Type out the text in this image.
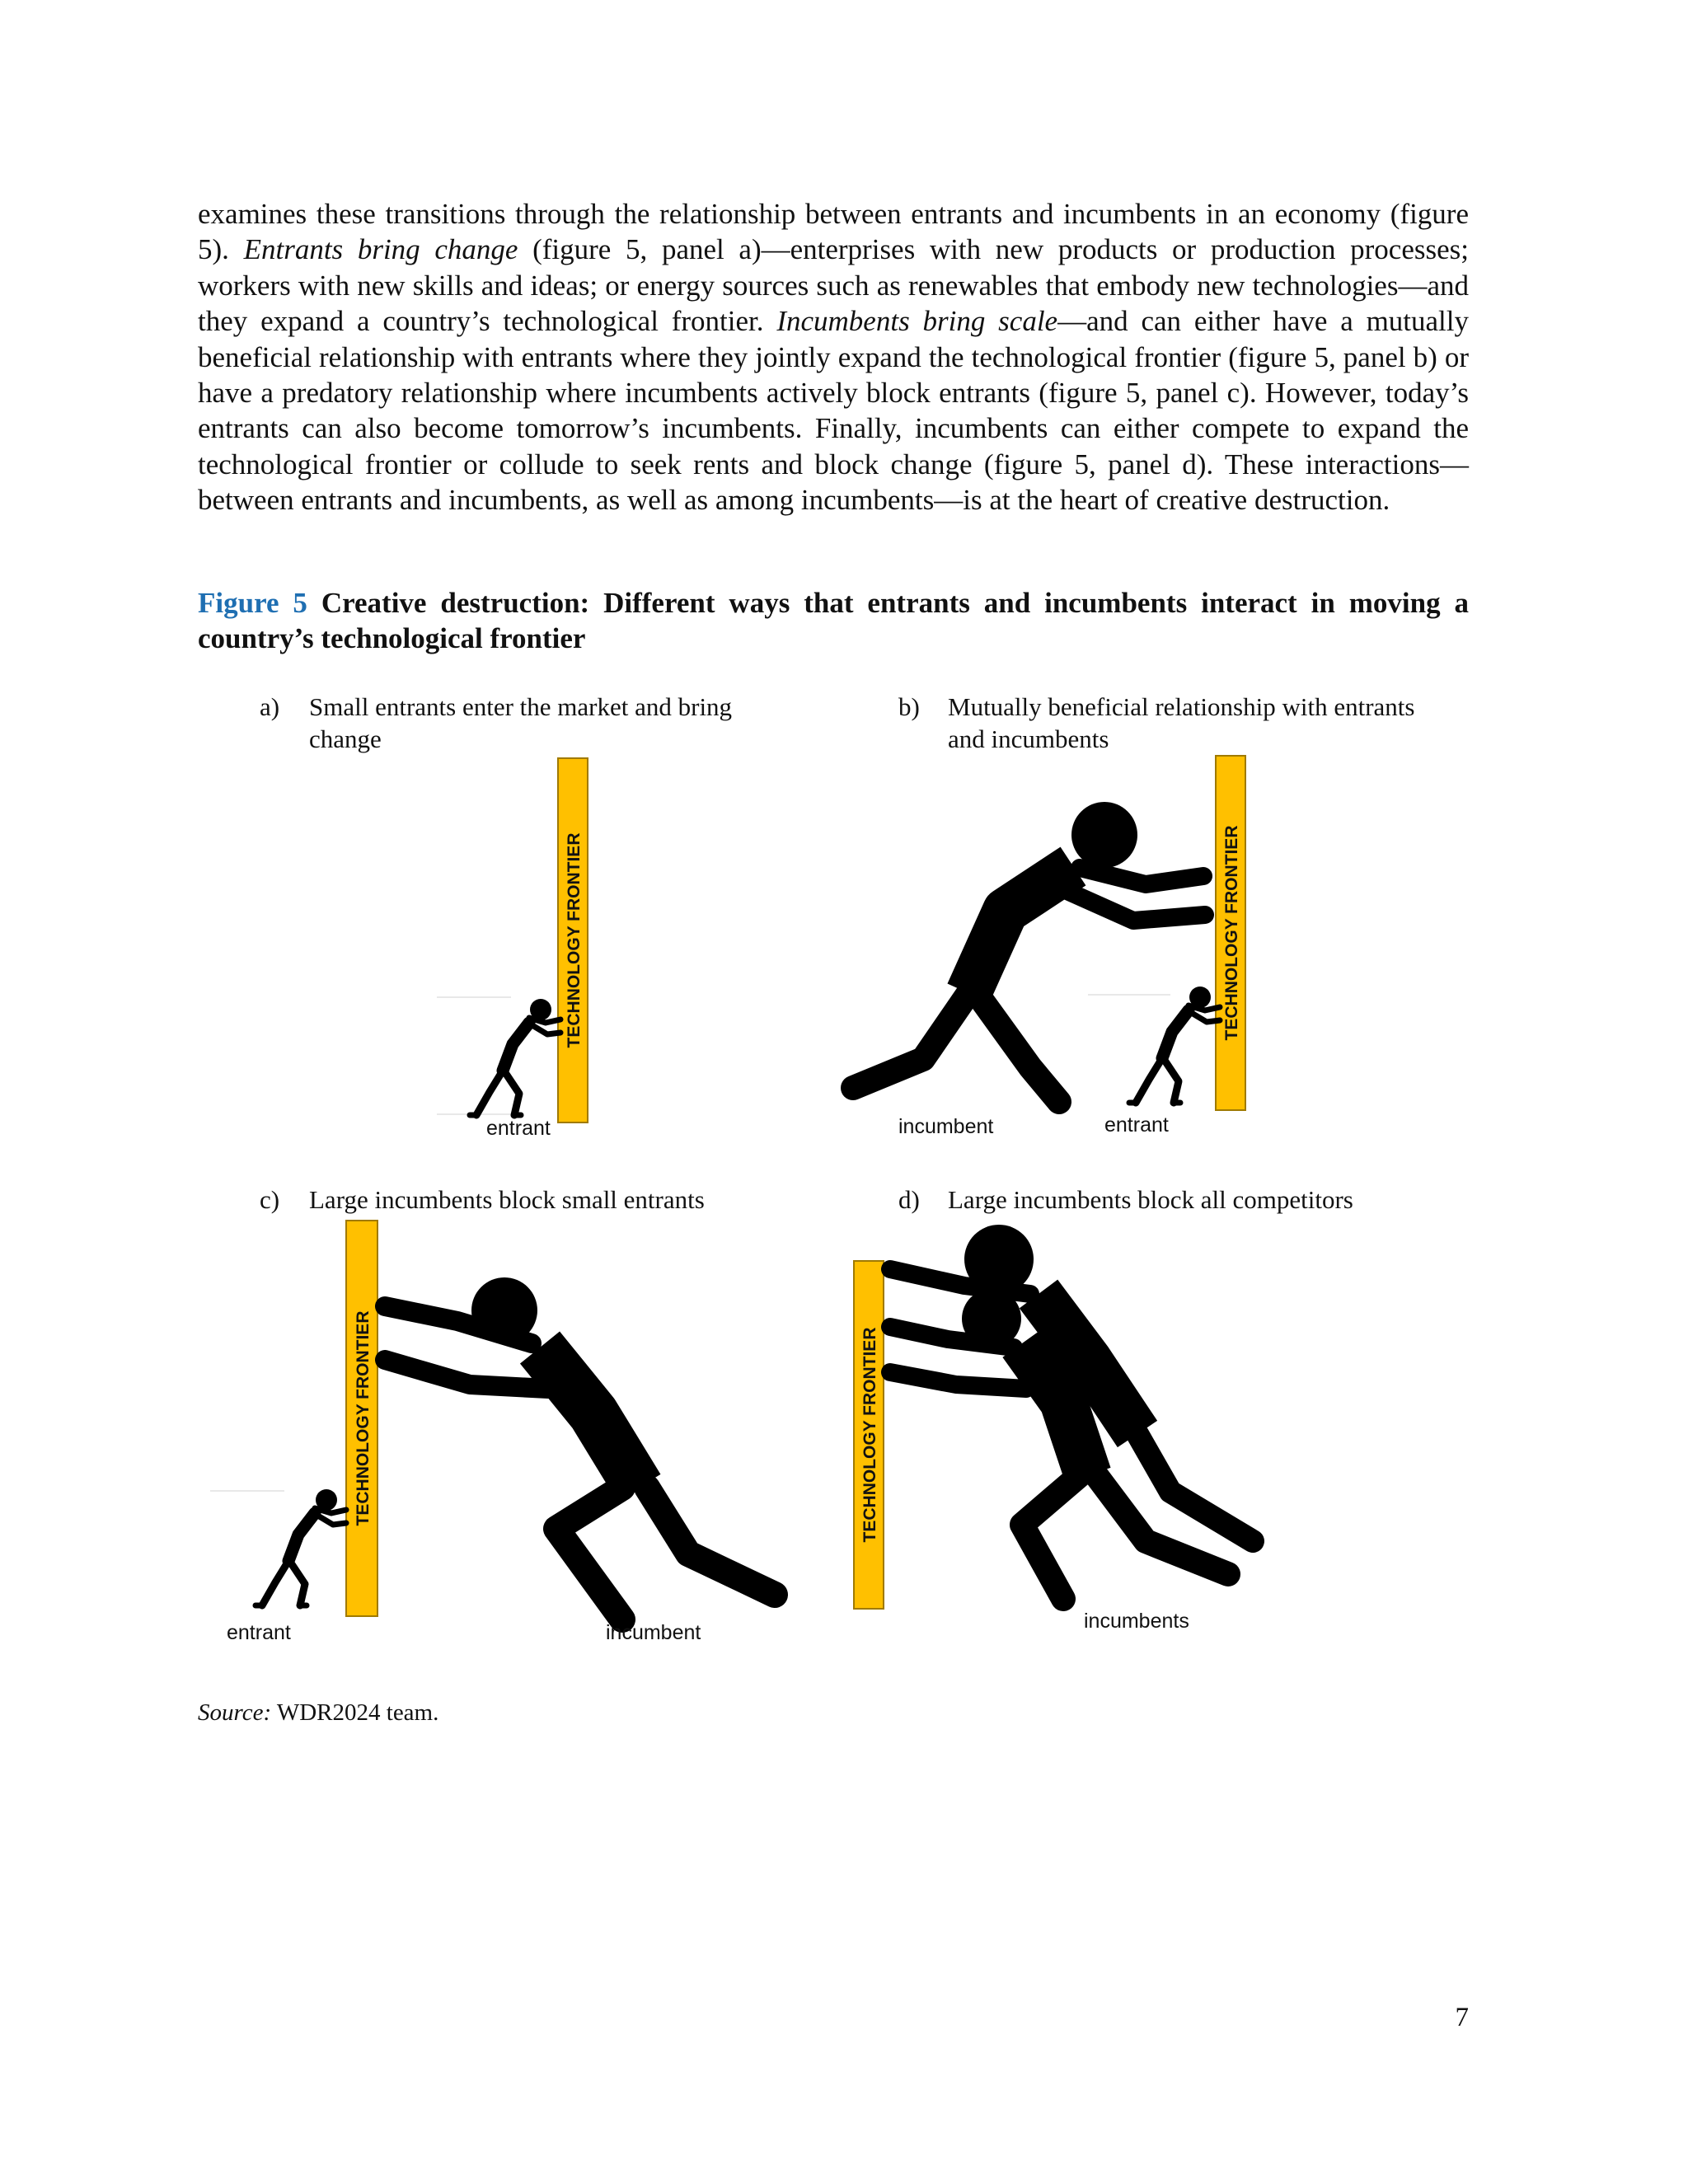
examines these transitions through the relationship between entrants and incumbents in an economy (figure 5). Entrants bring change (figure 5, panel a)—enterprises with new products or production processes; workers with new skills and ideas; or energy sources such as renewables that embody new technologies—and they expand a country’s technological frontier. Incumbents bring scale—and can either have a mutually beneficial relationship with entrants where they jointly expand the technological frontier (figure 5, panel b) or have a predatory relationship where incumbents actively block entrants (figure 5, panel c). However, today’s entrants can also become tomorrow’s incumbents. Finally, incumbents can either compete to expand the technological frontier or collude to seek rents and block change (figure 5, panel d). These interactions—between entrants and incumbents, as well as among incumbents—is at the heart of creative destruction.

Figure 5 Creative destruction: Different ways that entrants and incumbents interact in moving a country’s technological frontier

a) Small entrants enter the market and bring
change
b) Mutually beneficial relationship with entrants
and incumbents
c) Large incumbents block small entrants	d) Large incumbents block all competitors
TECHNOLOGY FRONTIER
entrant
TECHNOLOGY FRONTIER
incumbent	entrant
TECHNOLOGY FRONTIER
entrant	incumbent
TECHNOLOGY FRONTIER
incumbents
Source: WDR2024 team.
7
